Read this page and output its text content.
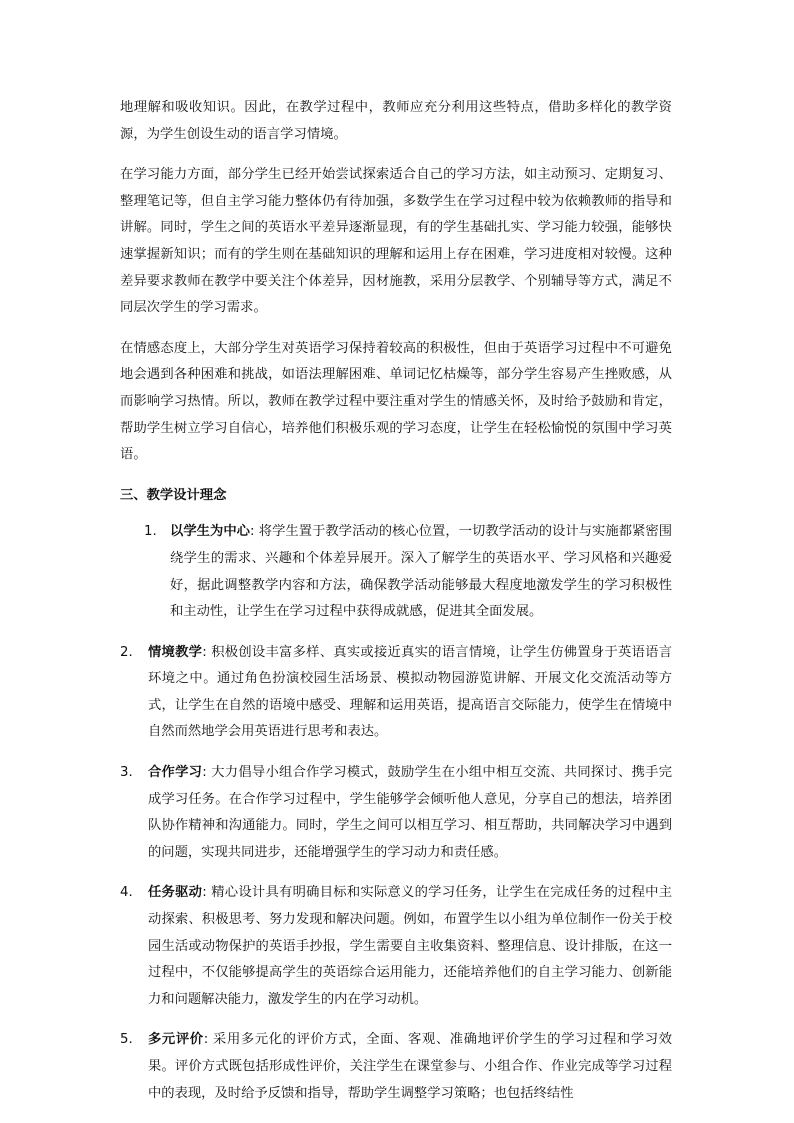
地理解和吸收知识。因此，在教学过程中，教师应充分利用这些特点，借助多样化的教学资源，为学生创设生动的语言学习情境。

在学习能力方面，部分学生已经开始尝试探索适合自己的学习方法，如主动预习、定期复习、整理笔记等，但自主学习能力整体仍有待加强，多数学生在学习过程中较为依赖教师的指导和讲解。同时，学生之间的英语水平差异逐渐显现，有的学生基础扎实、学习能力较强，能够快速掌握新知识；而有的学生则在基础知识的理解和运用上存在困难，学习进度相对较慢。这种差异要求教师在教学中要关注个体差异，因材施教，采用分层教学、个别辅导等方式，满足不同层次学生的学习需求。

在情感态度上，大部分学生对英语学习保持着较高的积极性，但由于英语学习过程中不可避免地会遇到各种困难和挑战，如语法理解困难、单词记忆枯燥等，部分学生容易产生挫败感，从而影响学习热情。所以，教师在教学过程中要注重对学生的情感关怀，及时给予鼓励和肯定，帮助学生树立学习自信心，培养他们积极乐观的学习态度，让学生在轻松愉悦的氛围中学习英语。

三、教学设计理念
1.	以学生为中心: 将学生置于教学活动的核心位置，一切教学活动的设计与实施都紧密围绕学生的需求、兴趣和个体差异展开。深入了解学生的英语水平、学习风格和兴趣爱好，据此调整教学内容和方法，确保教学活动能够最大程度地激发学生的学习积极性和主动性，让学生在学习过程中获得成就感，促进其全面发展。
2.	情境教学: 积极创设丰富多样、真实或接近真实的语言情境，让学生仿佛置身于英语语言环境之中。通过角色扮演校园生活场景、模拟动物园游览讲解、开展文化交流活动等方式，让学生在自然的语境中感受、理解和运用英语，提高语言交际能力，使学生在情境中自然而然地学会用英语进行思考和表达。
3.	合作学习: 大力倡导小组合作学习模式，鼓励学生在小组中相互交流、共同探讨、携手完成学习任务。在合作学习过程中，学生能够学会倾听他人意见，分享自己的想法，培养团队协作精神和沟通能力。同时，学生之间可以相互学习、相互帮助，共同解决学习中遇到的问题，实现共同进步，还能增强学生的学习动力和责任感。
4.	任务驱动: 精心设计具有明确目标和实际意义的学习任务，让学生在完成任务的过程中主动探索、积极思考、努力发现和解决问题。例如，布置学生以小组为单位制作一份关于校园生活或动物保护的英语手抄报，学生需要自主收集资料、整理信息、设计排版，在这一过程中，不仅能够提高学生的英语综合运用能力，还能培养他们的自主学习能力、创新能力和问题解决能力，激发学生的内在学习动机。
5.	多元评价: 采用多元化的评价方式，全面、客观、准确地评价学生的学习过程和学习效果。评价方式既包括形成性评价，关注学生在课堂参与、小组合作、作业完成等学习过程中的表现，及时给予反馈和指导，帮助学生调整学习策略；也包括终结性
